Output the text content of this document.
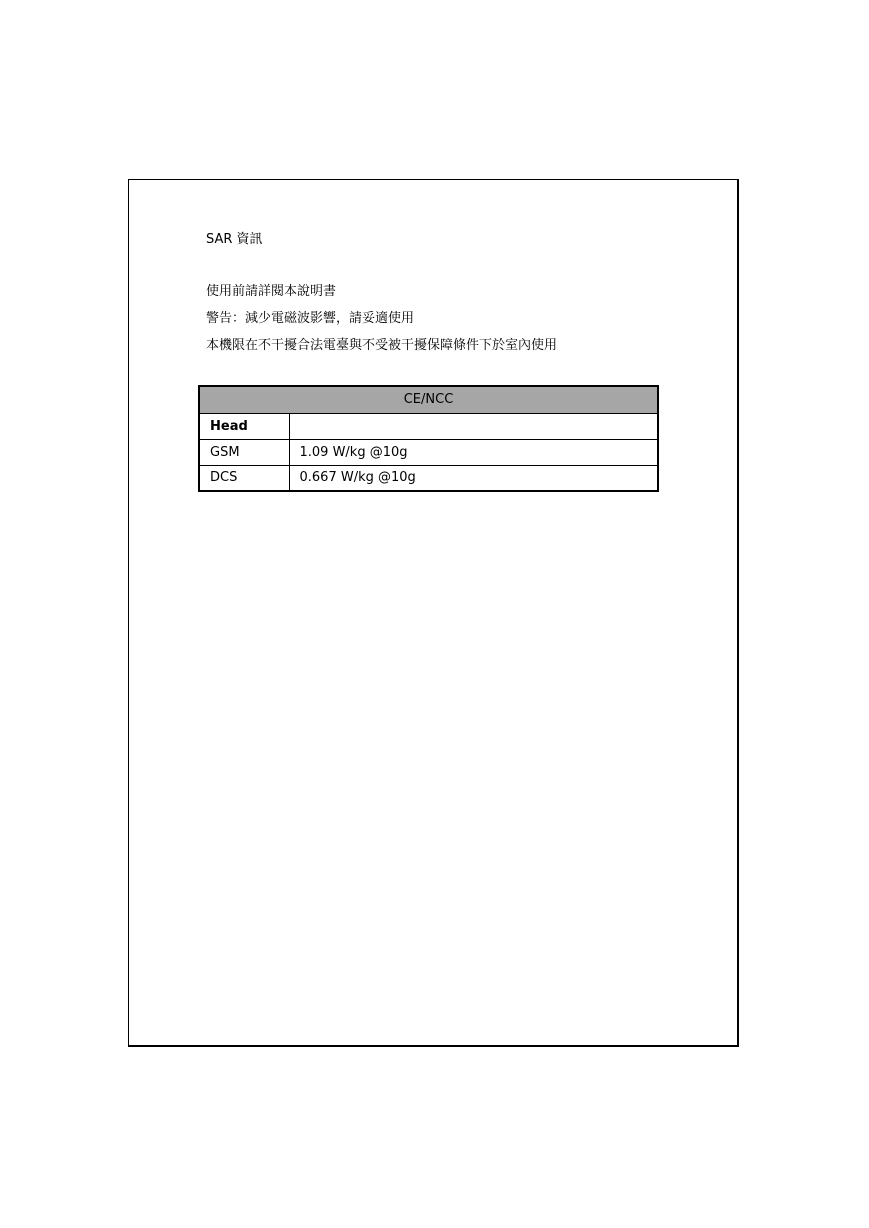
SAR 資訊
使用前請詳閱本說明書
警告：減少電磁波影響，請妥適使用
本機限在不干擾合法電臺與不受被干擾保障條件下於室內使用
CE/NCC	
Head	
GSM	1.09 W/kg @10g
DCS	0.667 W/kg @10g
